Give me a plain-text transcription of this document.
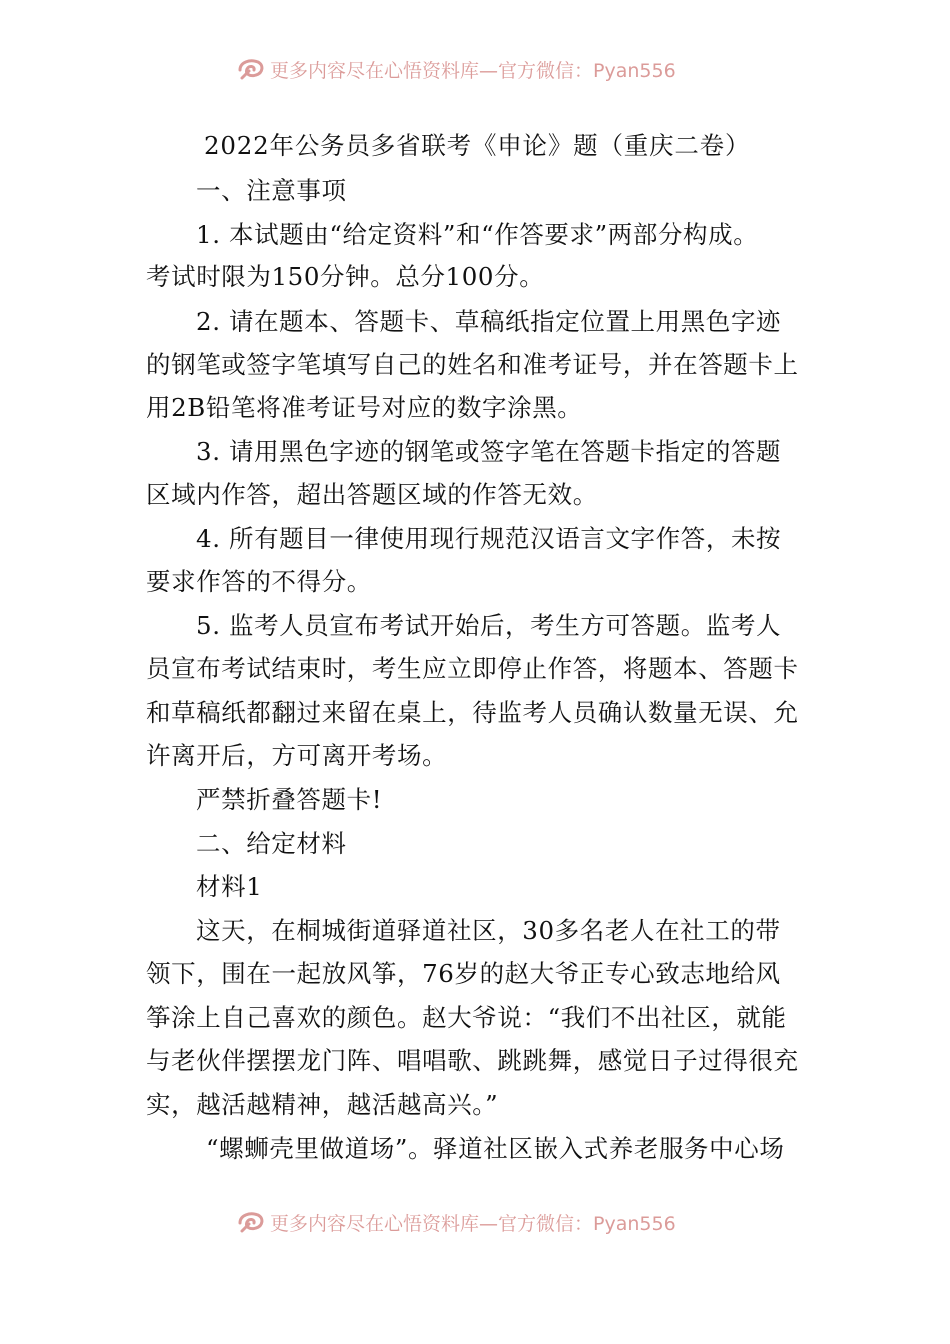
更多内容尽在心悟资料库—官方微信：Pyan556
2022年公务员多省联考《申论》题（重庆二卷）
一、注意事项
1. 本试题由“给定资料”和“作答要求”两部分构成。
考试时限为150分钟。总分100分。
2. 请在题本、答题卡、草稿纸指定位置上用黑色字迹
的钢笔或签字笔填写自己的姓名和准考证号，并在答题卡上
用2B铅笔将准考证号对应的数字涂黑。
3. 请用黑色字迹的钢笔或签字笔在答题卡指定的答题
区域内作答，超出答题区域的作答无效。
4. 所有题目一律使用现行规范汉语言文字作答，未按
要求作答的不得分。
5. 监考人员宣布考试开始后，考生方可答题。监考人
员宣布考试结束时，考生应立即停止作答，将题本、答题卡
和草稿纸都翻过来留在桌上，待监考人员确认数量无误、允
许离开后，方可离开考场。
严禁折叠答题卡!
二、给定材料
材料1
这天，在桐城街道驿道社区，30多名老人在社工的带
领下，围在一起放风筝，76岁的赵大爷正专心致志地给风
筝涂上自己喜欢的颜色。赵大爷说：“我们不出社区，就能
与老伙伴摆摆龙门阵、唱唱歌、跳跳舞，感觉日子过得很充
实，越活越精神，越活越高兴。”
“螺蛳壳里做道场”。驿道社区嵌入式养老服务中心场
更多内容尽在心悟资料库—官方微信：Pyan556
